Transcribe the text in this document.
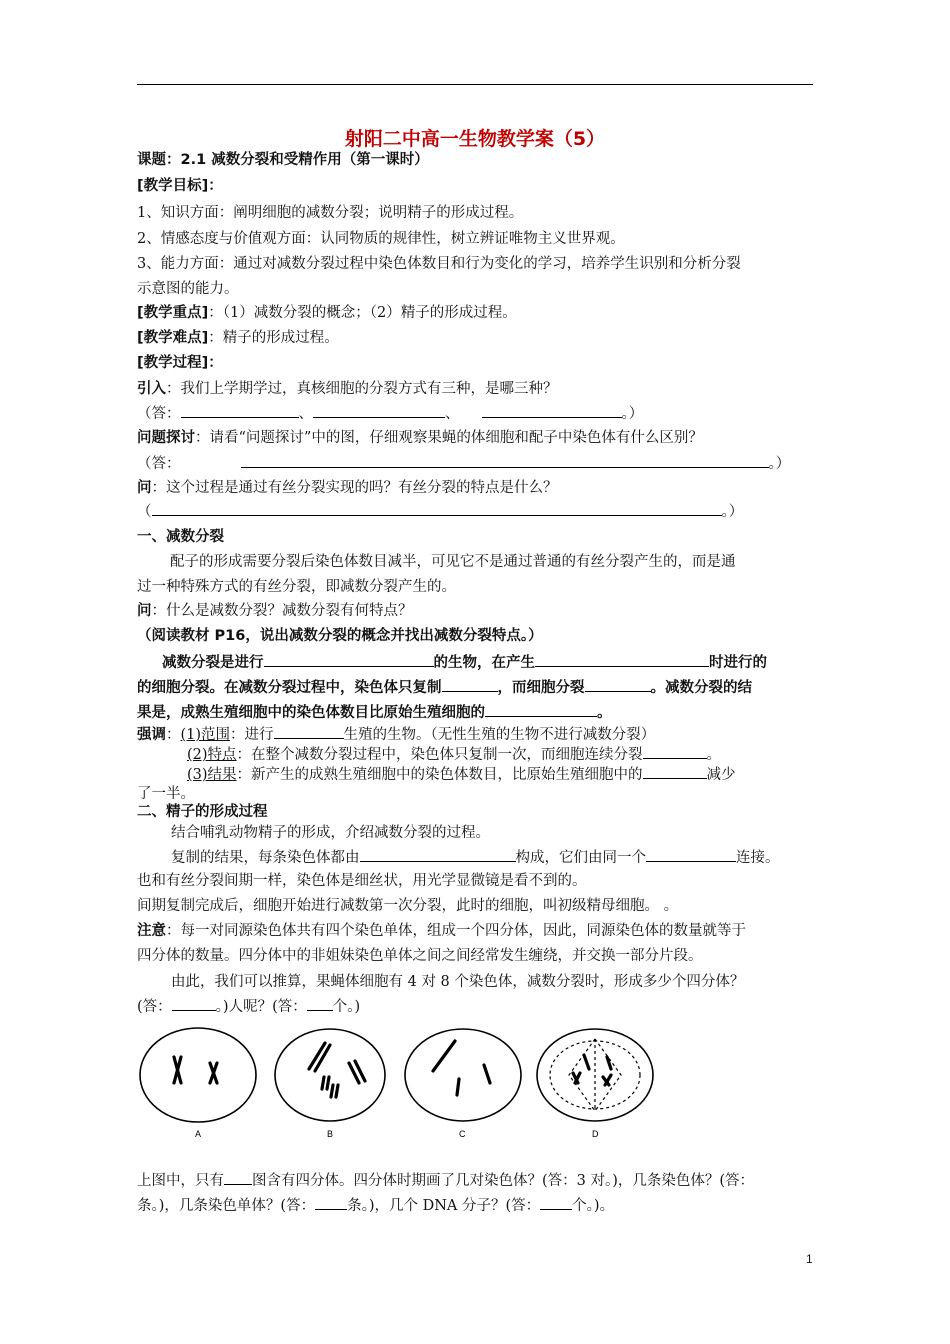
射阳二中高一生物教学案（5）
课题：2.1 减数分裂和受精作用（第一课时）
[教学目标]：
1、知识方面：阐明细胞的减数分裂；说明精子的形成过程。
2、情感态度与价值观方面：认同物质的规律性，树立辨证唯物主义世界观。
3、能力方面：通过对减数分裂过程中染色体数目和行为变化的学习，培养学生识别和分析分裂
示意图的能力。
[教学重点]：（1）减数分裂的概念；（2）精子的形成过程。
[教学难点]：精子的形成过程。
[教学过程]：
引入：我们上学期学过，真核细胞的分裂方式有三种，是哪三种？
（答：	、	、	。）
问题探讨：请看“问题探讨”中的图，仔细观察果蝇的体细胞和配子中染色体有什么区别？
（答：	。）
问：这个过程是通过有丝分裂实现的吗？有丝分裂的特点是什么？
（	。）
一、减数分裂
配子的形成需要分裂后染色体数目减半，可见它不是通过普通的有丝分裂产生的，而是通
过一种特殊方式的有丝分裂，即减数分裂产生的。
问：什么是减数分裂？减数分裂有何特点？
（阅读教材 P16，说出减数分裂的概念并找出减数分裂特点。）
减数分裂是进行	的生物，在产生	时进行的
的细胞分裂。在减数分裂过程中，染色体只复制	，而细胞分裂	。减数分裂的结
果是，成熟生殖细胞中的染色体数目比原始生殖细胞的	。
强调：(1)范围：进行	生殖的生物。（无性生殖的生物不进行减数分裂）
(2)特点：在整个减数分裂过程中，染色体只复制一次，而细胞连续分裂	。
(3)结果：新产生的成熟生殖细胞中的染色体数目，比原始生殖细胞中的	减少
了一半。
二、精子的形成过程
结合哺乳动物精子的形成，介绍减数分裂的过程。
复制的结果，每条染色体都由	构成，它们由同一个	连接。
也和有丝分裂间期一样，染色体是细丝状，用光学显微镜是看不到的。
间期复制完成后，细胞开始进行减数第一次分裂，此时的细胞，叫初级精母细胞。 。
注意：每一对同源染色体共有四个染色单体，组成一个四分体，因此，同源染色体的数量就等于
四分体的数量。四分体中的非姐妹染色单体之间之间经常发生缠绕，并交换一部分片段。
由此，我们可以推算，果蝇体细胞有 4 对 8 个染色体，减数分裂时，形成多少个四分体？
(答：	。)人呢？(答： 个。)
A	B	C	D
上图中，只有 图含有四分体。四分体时期画了几对染色体？(答：3 对。)，几条染色体？(答：
条。)，几条染色单体？(答： 条。)，几个 DNA 分子？(答： 个。)。
1
